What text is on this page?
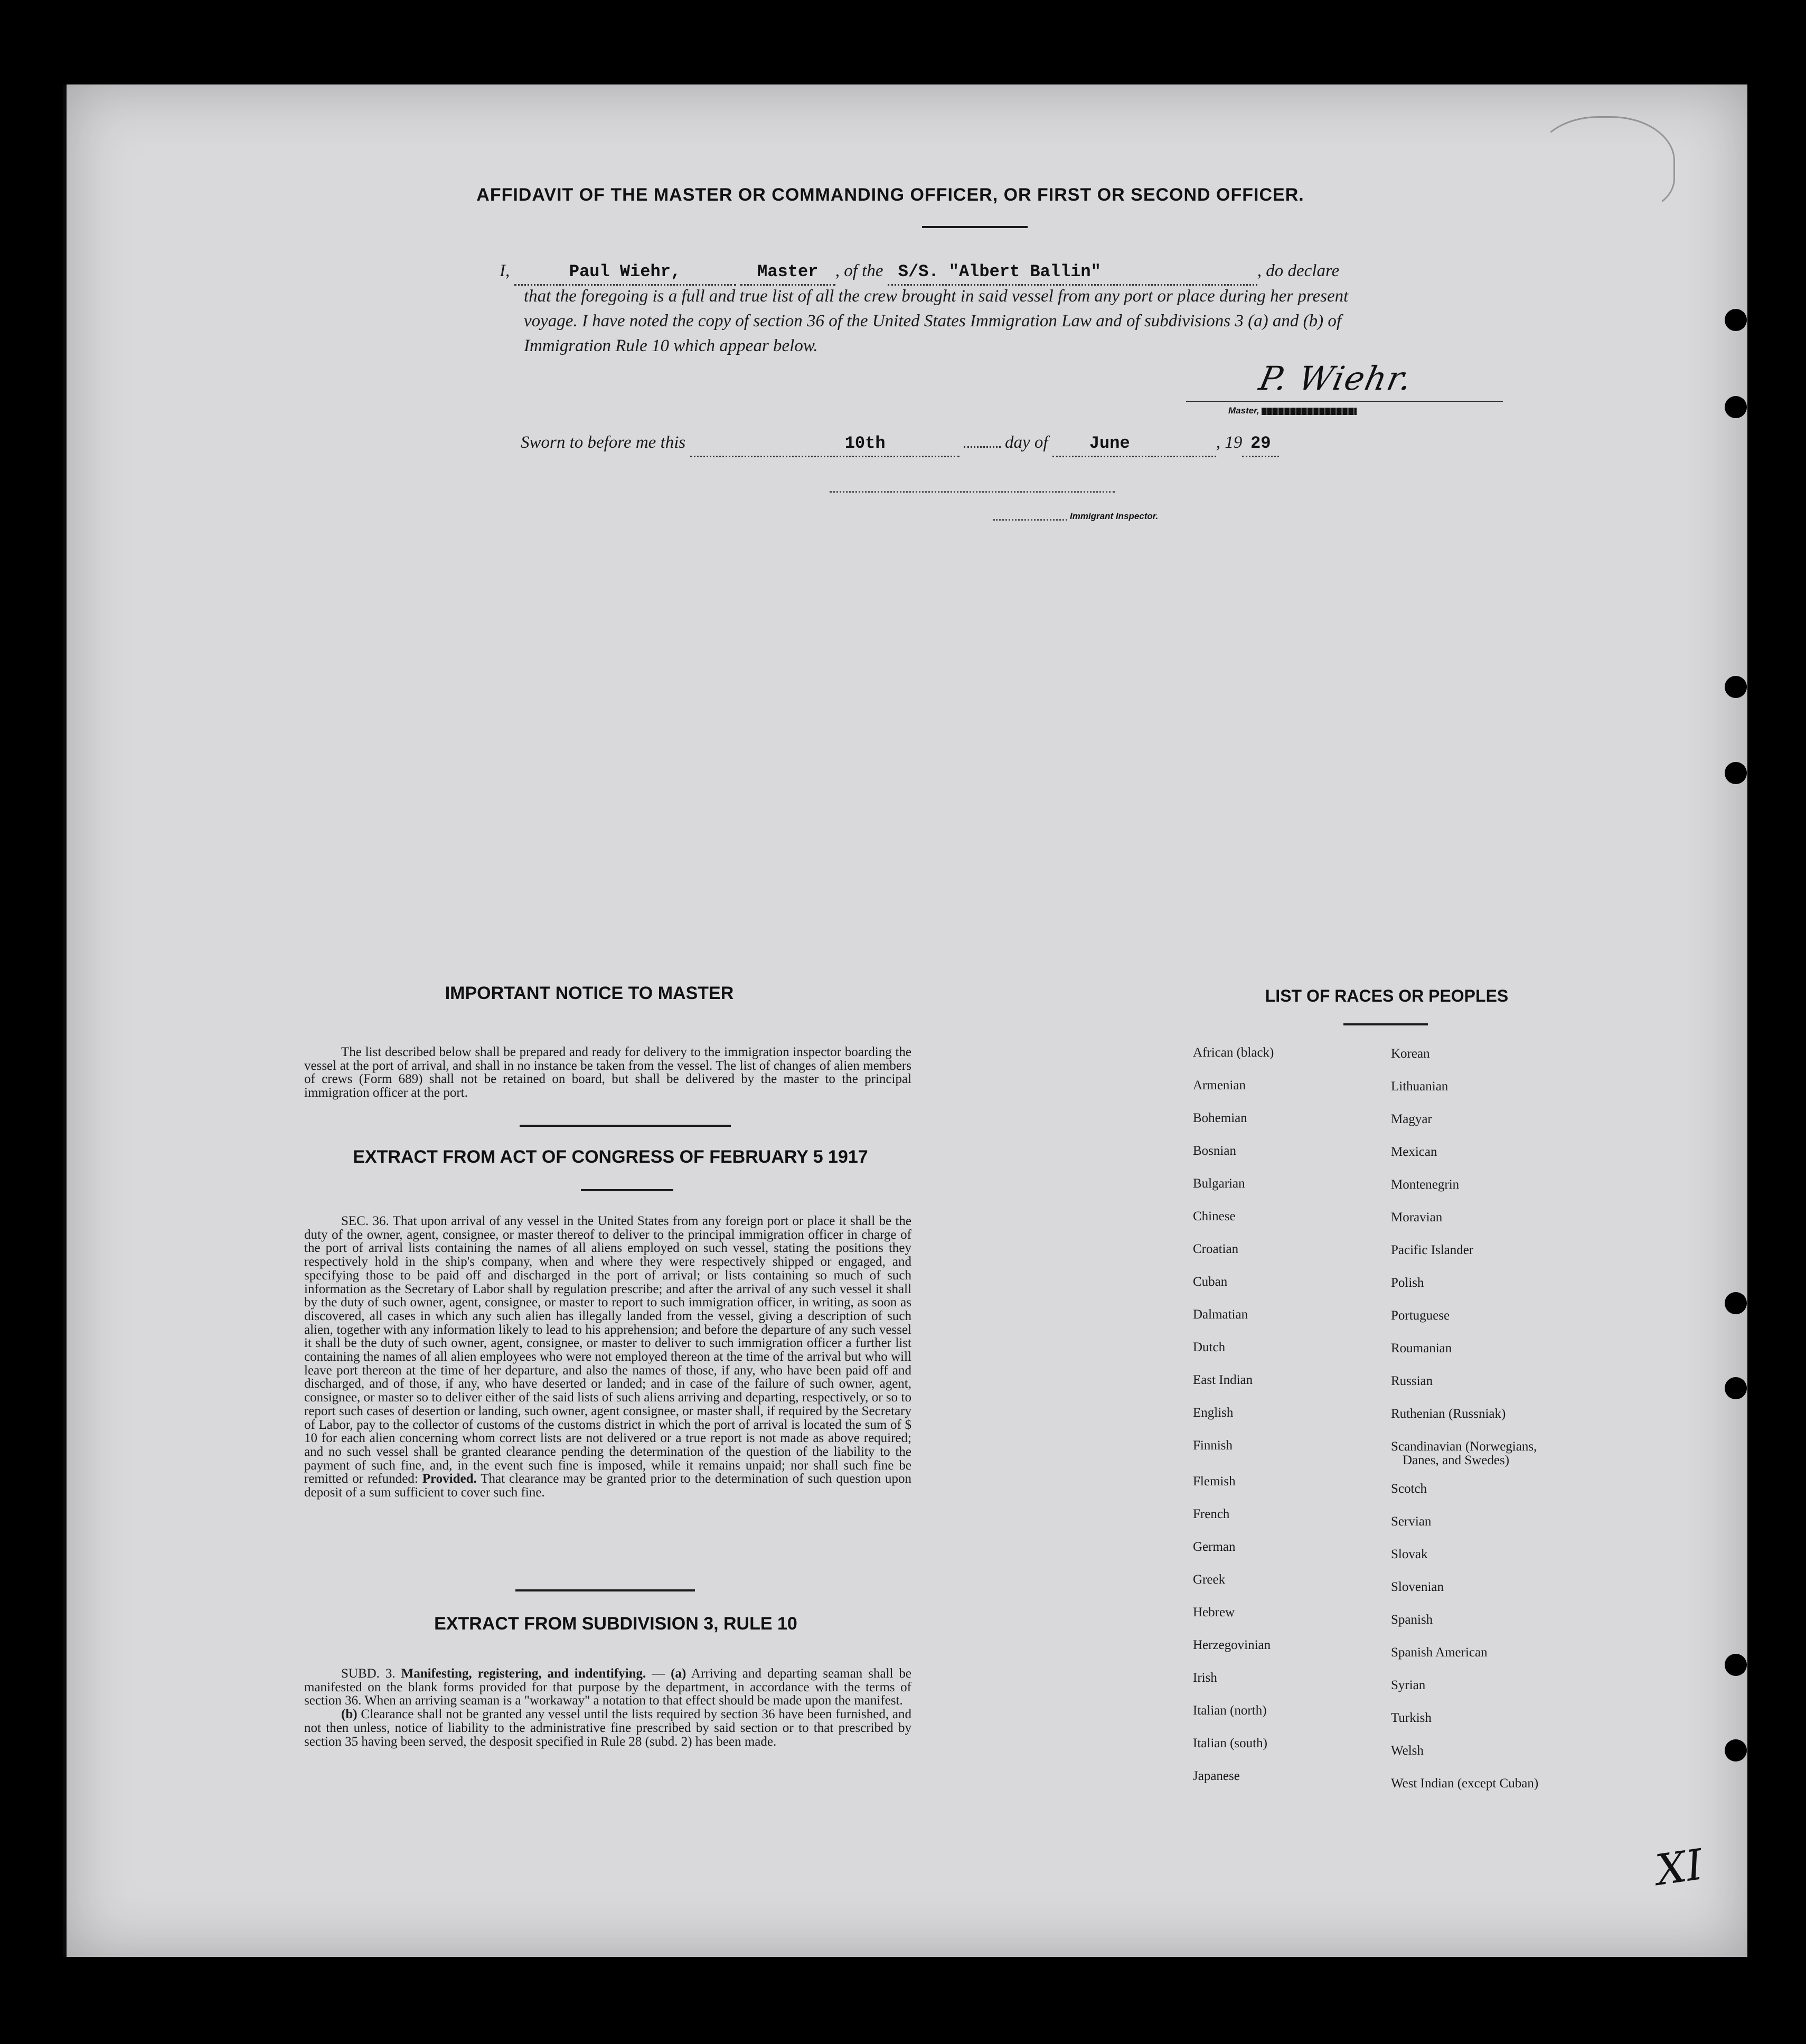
AFFIDAVIT OF THE MASTER OR COMMANDING OFFICER, OR FIRST OR SECOND OFFICER.
I,	Paul Wiehr,	Master , of the S/S. "Albert Ballin"	, do declare
that the foregoing is a full and true list of all the crew brought in said vessel from any port or place during her present
voyage. I have noted the copy of section 36 of the United States Immigration Law and of subdivisions 3 (a) and (b) of
Immigration Rule 10 which appear below.
P. Wiehr.
Master,
Sworn to before me this	10th	day of June	, 19 29
Immigrant Inspector.
IMPORTANT NOTICE TO MASTER

The list described below shall be prepared and ready for delivery to the immigration inspector boarding the vessel at the port of arrival, and shall in no instance be taken from the vessel. The list of changes of alien members of crews (Form 689) shall not be retained on board, but shall be delivered by the master to the principal immigration officer at the port.

EXTRACT FROM ACT OF CONGRESS OF FEBRUARY 5 1917

SEC. 36. That upon arrival of any vessel in the United States from any foreign port or place it shall be the duty of the owner, agent, consignee, or master thereof to deliver to the principal immigration officer in charge of the port of arrival lists containing the names of all aliens employed on such vessel, stating the positions they respectively hold in the ship's company, when and where they were respectively shipped or engaged, and specifying those to be paid off and discharged in the port of arrival; or lists containing so much of such information as the Secretary of Labor shall by regulation prescribe; and after the arrival of any such vessel it shall by the duty of such owner, agent, consignee, or master to report to such immigration officer, in writing, as soon as discovered, all cases in which any such alien has illegally landed from the vessel, giving a description of such alien, together with any information likely to lead to his apprehension; and before the departure of any such vessel it shall be the duty of such owner, agent, consignee, or master to deliver to such immigration officer a further list containing the names of all alien employees who were not employed thereon at the time of the arrival but who will leave port thereon at the time of her departure, and also the names of those, if any, who have been paid off and discharged, and of those, if any, who have deserted or landed; and in case of the failure of such owner, agent, consignee, or master so to deliver either of the said lists of such aliens arriving and departing, respectively, or so to report such cases of desertion or landing, such owner, agent consignee, or master shall, if required by the Secretary of Labor, pay to the collector of customs of the customs district in which the port of arrival is located the sum of $ 10 for each alien concerning whom correct lists are not delivered or a true report is not made as above required; and no such vessel shall be granted clearance pending the determination of the question of the liability to the payment of such fine, and, in the event such fine is imposed, while it remains unpaid; nor shall such fine be remitted or refunded: Provided. That clearance may be granted prior to the determination of such question upon deposit of a sum sufficient to cover such fine.

EXTRACT FROM SUBDIVISION 3, RULE 10

SUBD. 3. Manifesting, registering, and indentifying. — (a) Arriving and departing seaman shall be manifested on the blank forms provided for that purpose by the department, in accordance with the terms of section 36. When an arriving seaman is a "workaway" a notation to that effect should be made upon the manifest.

(b) Clearance shall not be granted any vessel until the lists required by section 36 have been furnished, and not then unless, notice of liability to the administrative fine prescribed by said section or to that prescribed by section 35 having been served, the desposit specified in Rule 28 (subd. 2) has been made.

LIST OF RACES OR PEOPLES
African (black)
Armenian
Bohemian
Bosnian
Bulgarian
Chinese
Croatian
Cuban
Dalmatian
Dutch
East Indian
English
Finnish
Flemish
French
German
Greek
Hebrew
Herzegovinian
Irish
Italian (north)
Italian (south)
Japanese
Korean
Lithuanian
Magyar
Mexican
Montenegrin
Moravian
Pacific Islander
Polish
Portuguese
Roumanian
Russian
Ruthenian (Russniak)
Scandinavian (Norwegians,
Danes, and Swedes)
Scotch
Servian
Slovak
Slovenian
Spanish
Spanish American
Syrian
Turkish
Welsh
West Indian (except Cuban)
XI
